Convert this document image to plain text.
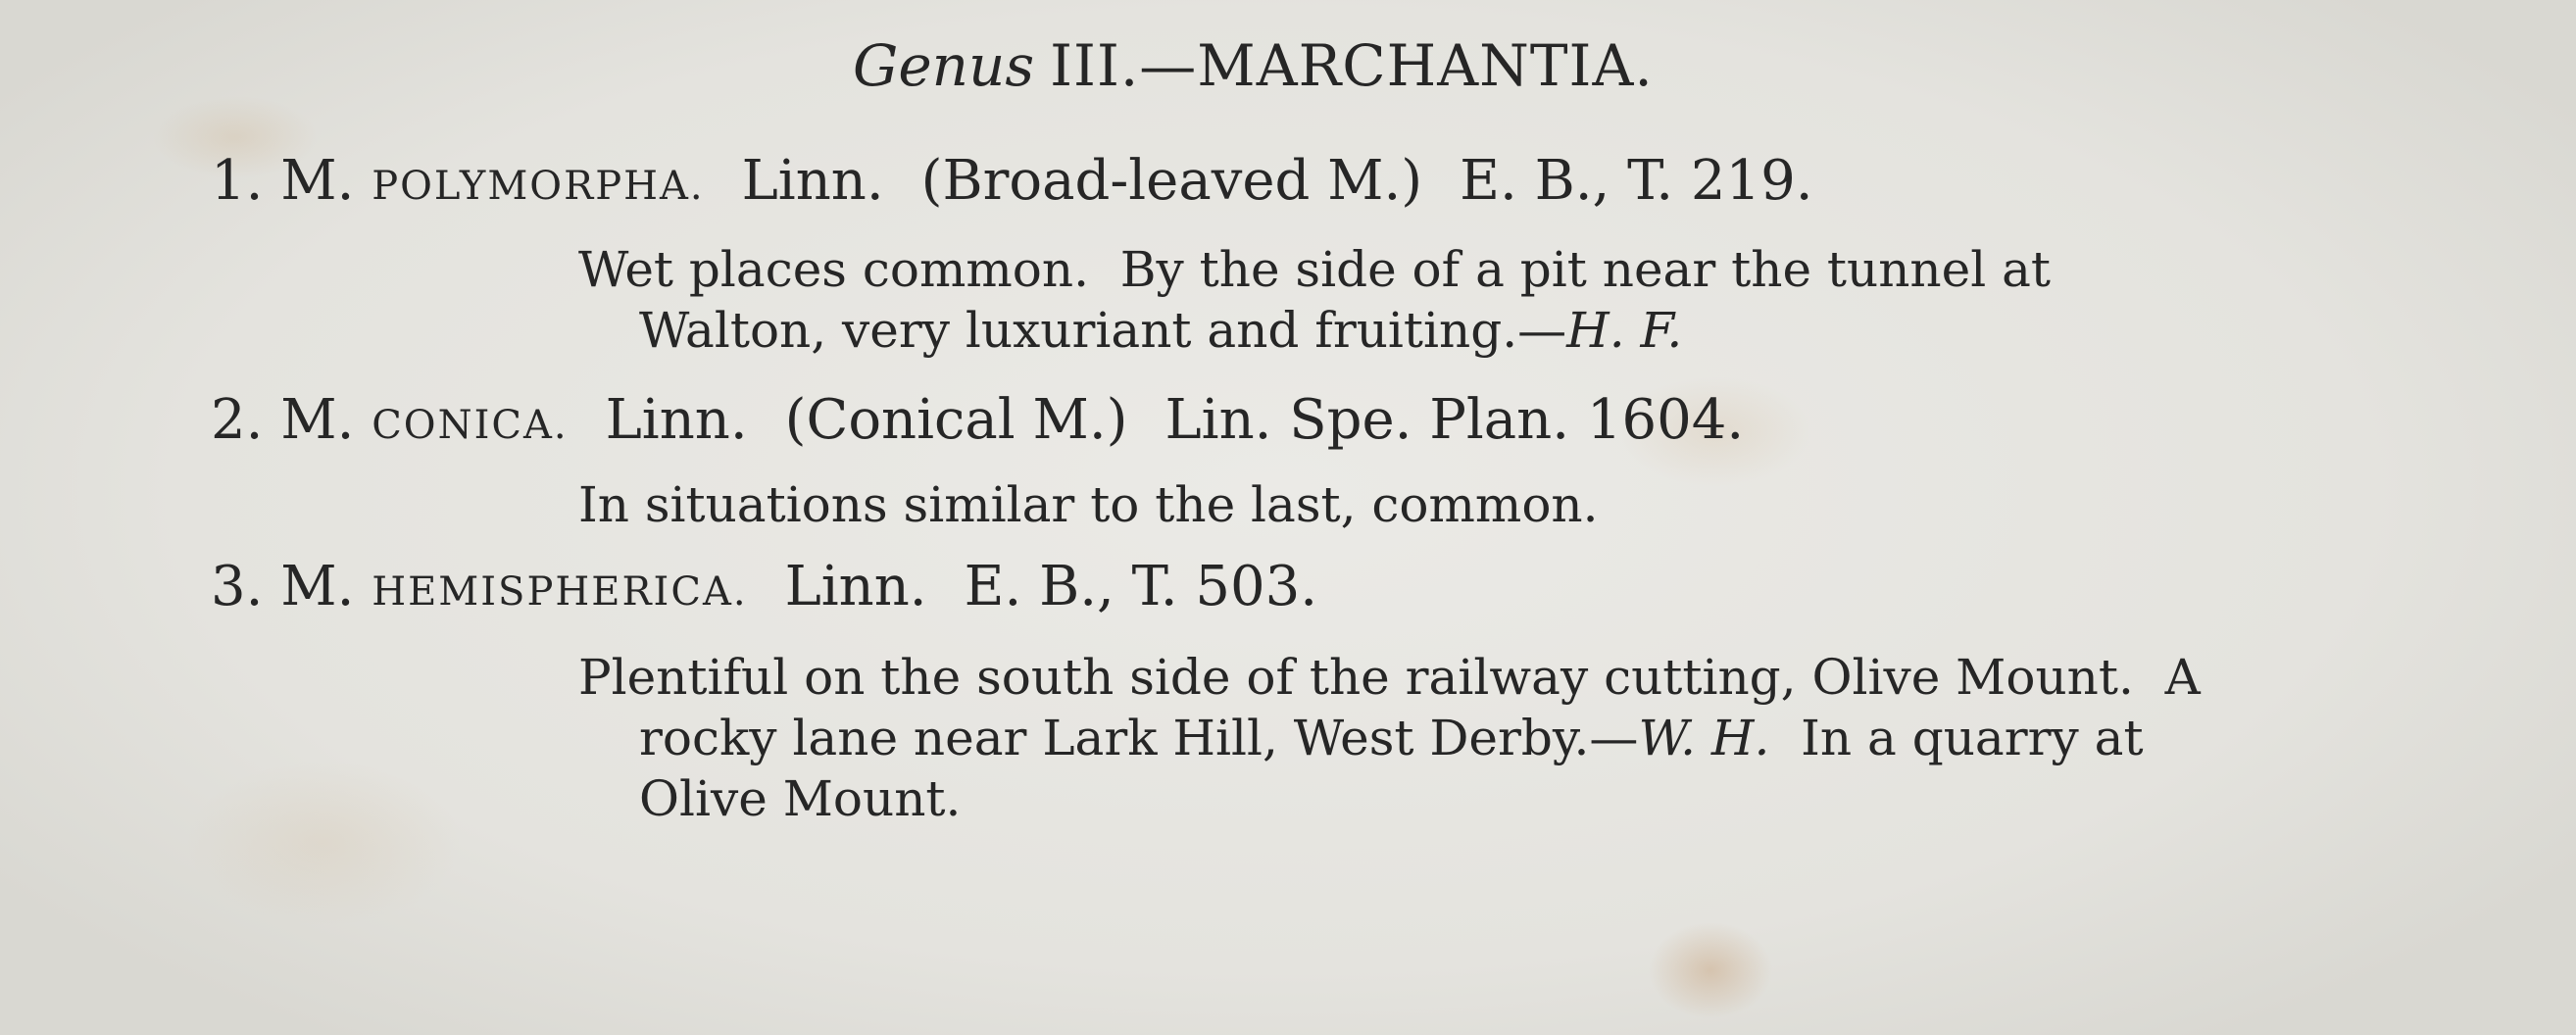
Genus III.—MARCHANTIA.
1. M. POLYMORPHA. Linn. (Broad-leaved M.) E. B., T. 219.
Wet places common.  By the side of a pit near the tunnel at
Walton, very luxuriant and fruiting.—H. F.
2. M. CONICA. Linn. (Conical M.) Lin. Spe. Plan. 1604.
In situations similar to the last, common.
3. M. HEMISPHERICA. Linn. E. B., T. 503.
Plentiful on the south side of the railway cutting, Olive Mount.  A
rocky lane near Lark Hill, West Derby.—W. H.  In a quarry at
Olive Mount.
